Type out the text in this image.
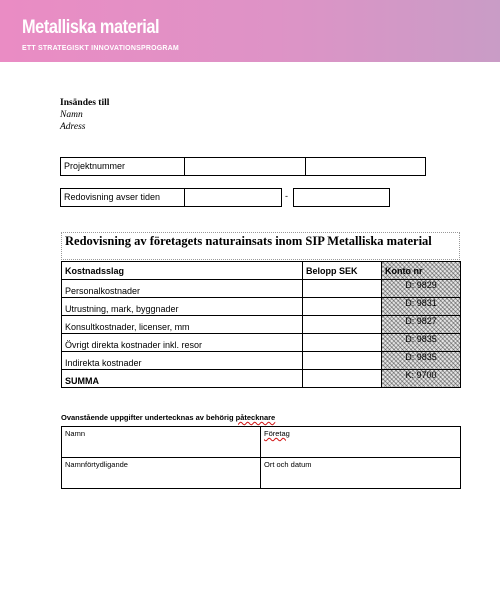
Metalliska material
ETT STRATEGISKT INNOVATIONSPROGRAM
Insändes till
Namn
Adress
Projektnummer
Redovisning avser tiden	-
Redovisning av företagets naturainsats inom SIP Metalliska material
Kostnadsslag	Belopp SEK	Konto nr
Personalkostnader		D: 9829
Utrustning, mark, byggnader		D: 9831
Konsultkostnader, licenser, mm		D: 9827
Övrigt direkta kostnader inkl. resor		D: 9835
Indirekta kostnader		D: 9835
SUMMA		K: 9700
Ovanstående uppgifter undertecknas av behörig påtecknare
Namn	Företag
Namnförtydligande	Ort och datum
